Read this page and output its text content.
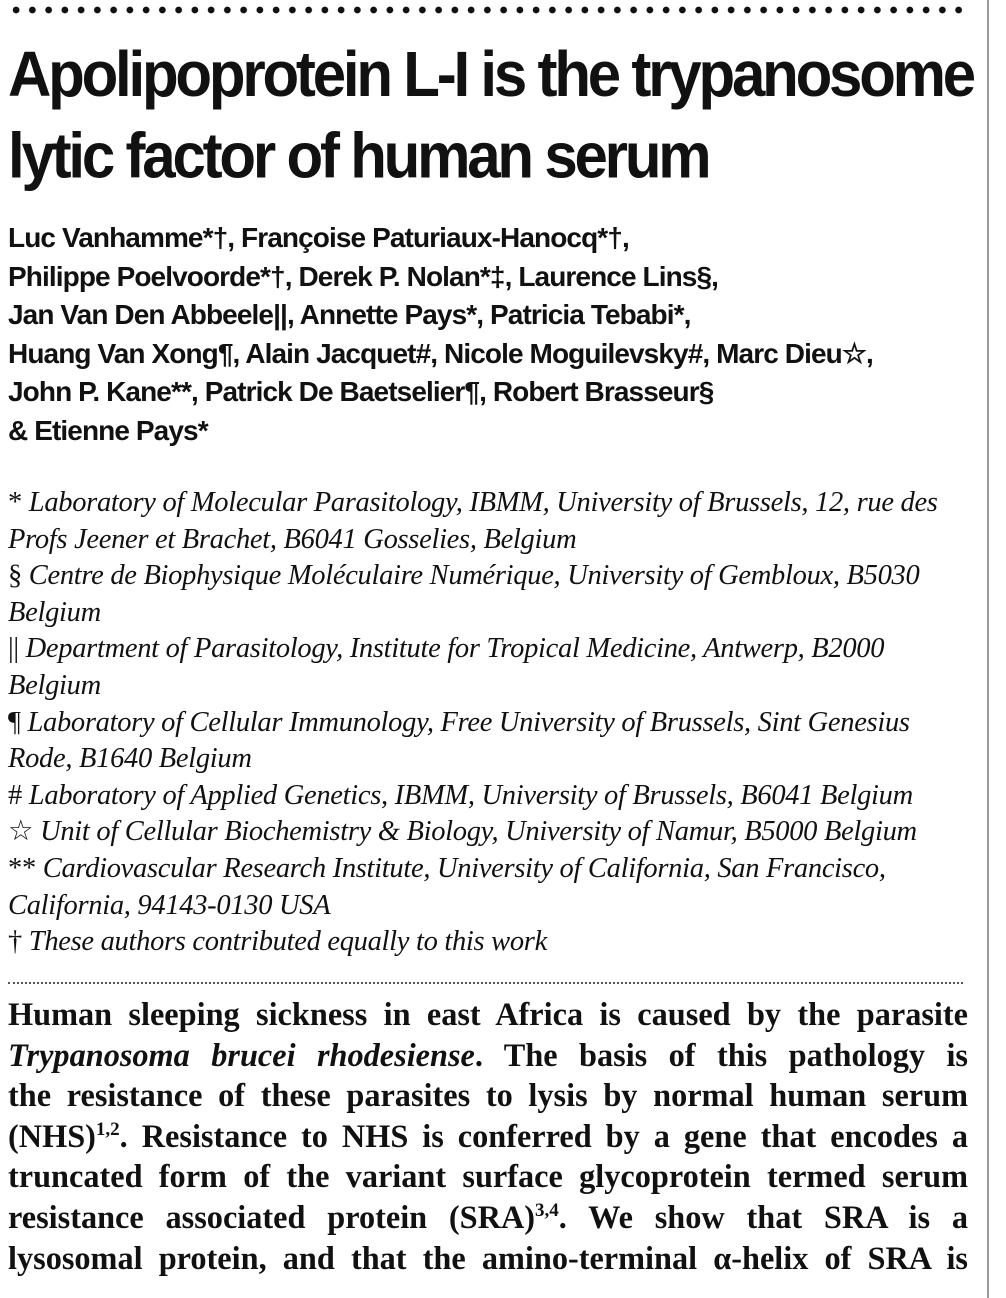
Apolipoprotein L-I is the trypanosome
lytic factor of human serum
Luc Vanhamme*†, Françoise Paturiaux-Hanocq*†,
Philippe Poelvoorde*†, Derek P. Nolan*‡, Laurence Lins§,
Jan Van Den Abbeele||, Annette Pays*, Patricia Tebabi*,
Huang Van Xong¶, Alain Jacquet#, Nicole Moguilevsky#, Marc Dieu☆,
John P. Kane**, Patrick De Baetselier¶, Robert Brasseur§
& Etienne Pays*
* Laboratory of Molecular Parasitology, IBMM, University of Brussels, 12, rue des
Profs Jeener et Brachet, B6041 Gosselies, Belgium
§ Centre de Biophysique Moléculaire Numérique, University of Gembloux, B5030
Belgium
|| Department of Parasitology, Institute for Tropical Medicine, Antwerp, B2000
Belgium
¶ Laboratory of Cellular Immunology, Free University of Brussels, Sint Genesius
Rode, B1640 Belgium
# Laboratory of Applied Genetics, IBMM, University of Brussels, B6041 Belgium
☆ Unit of Cellular Biochemistry & Biology, University of Namur, B5000 Belgium
** Cardiovascular Research Institute, University of California, San Francisco,
California, 94143-0130 USA
† These authors contributed equally to this work
Human sleeping sickness in east Africa is caused by the parasite
Trypanosoma brucei rhodesiense. The basis of this pathology is
the resistance of these parasites to lysis by normal human serum
(NHS)$^{1,2}$. Resistance to NHS is conferred by a gene that encodes a
truncated form of the variant surface glycoprotein termed serum
resistance associated protein (SRA)$^{3,4}$. We show that SRA is a
lysosomal protein, and that the amino-terminal α-helix of SRA is
